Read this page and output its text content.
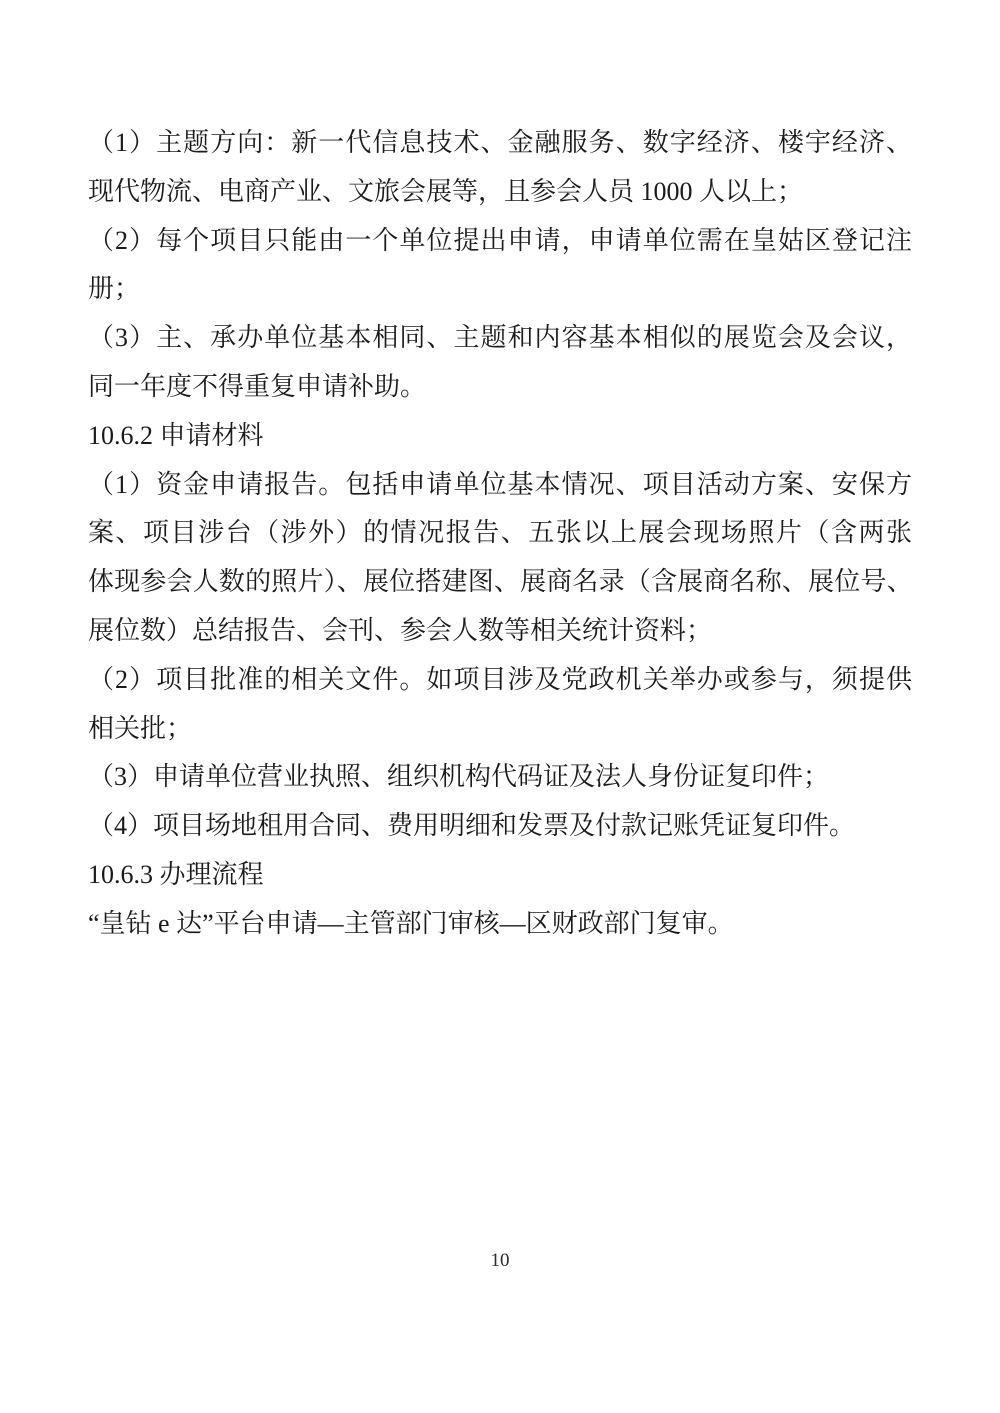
（1）主题方向：新一代信息技术、金融服务、数字经济、楼宇经济、
现代物流、电商产业、文旅会展等，且参会人员 1000 人以上；
（2）每个项目只能由一个单位提出申请，申请单位需在皇姑区登记注
册；
（3）主、承办单位基本相同、主题和内容基本相似的展览会及会议，
同一年度不得重复申请补助。
10.6.2 申请材料
（1）资金申请报告。包括申请单位基本情况、项目活动方案、安保方
案、项目涉台（涉外）的情况报告、五张以上展会现场照片（含两张
体现参会人数的照片）、展位搭建图、展商名录（含展商名称、展位号、
展位数）总结报告、会刊、参会人数等相关统计资料；
（2）项目批准的相关文件。如项目涉及党政机关举办或参与，须提供
相关批；
（3）申请单位营业执照、组织机构代码证及法人身份证复印件；
（4）项目场地租用合同、费用明细和发票及付款记账凭证复印件。
10.6.3 办理流程
“皇钻 e 达”平台申请—主管部门审核—区财政部门复审。
10
